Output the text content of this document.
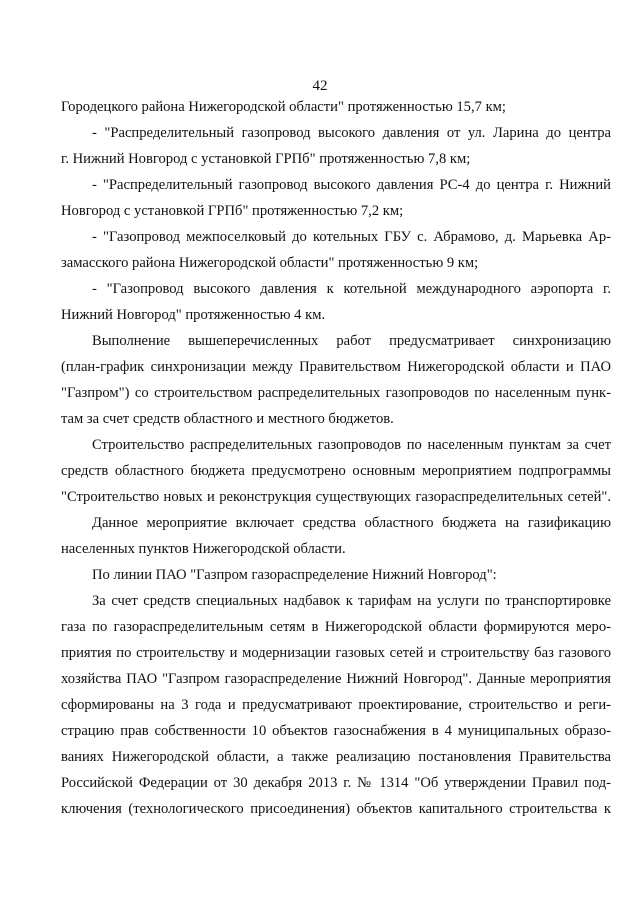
42
Городецкого района Нижегородской области" протяженностью 15,7 км;
- "Распределительный газопровод высокого давления от ул. Ларина до центра
г. Нижний Новгород с установкой ГРПб" протяженностью 7,8 км;
- "Распределительный газопровод высокого давления РС-4 до центра г. Нижний
Новгород с установкой ГРПб" протяженностью 7,2 км;
- "Газопровод межпоселковый до котельных ГБУ с. Абрамово, д. Марьевка Ар-
замасского района Нижегородской области" протяженностью 9 км;
- "Газопровод высокого давления к котельной международного аэропорта г.
Нижний Новгород" протяженностью 4 км.
Выполнение вышеперечисленных работ предусматривает синхронизацию
(план-график синхронизации между Правительством Нижегородской области и ПАО
"Газпром") со строительством распределительных газопроводов по населенным пунк-
там за счет средств областного и местного бюджетов.
Строительство распределительных газопроводов по населенным пунктам за счет
средств областного бюджета предусмотрено основным мероприятием подпрограммы
"Строительство новых и реконструкция существующих газораспределительных сетей".
Данное мероприятие включает средства областного бюджета на газификацию
населенных пунктов Нижегородской области.
По линии ПАО "Газпром газораспределение Нижний Новгород":
За счет средств специальных надбавок к тарифам на услуги по транспортировке
газа по газораспределительным сетям в Нижегородской области формируются меро-
приятия по строительству и модернизации газовых сетей и строительству баз газового
хозяйства ПАО "Газпром газораспределение Нижний Новгород". Данные мероприятия
сформированы на 3 года и предусматривают проектирование, строительство и реги-
страцию прав собственности 10 объектов газоснабжения в 4 муниципальных образо-
ваниях Нижегородской области, а также реализацию постановления Правительства
Российской Федерации от 30 декабря 2013 г. № 1314 "Об утверждении Правил под-
ключения (технологического присоединения) объектов капитального строительства к
